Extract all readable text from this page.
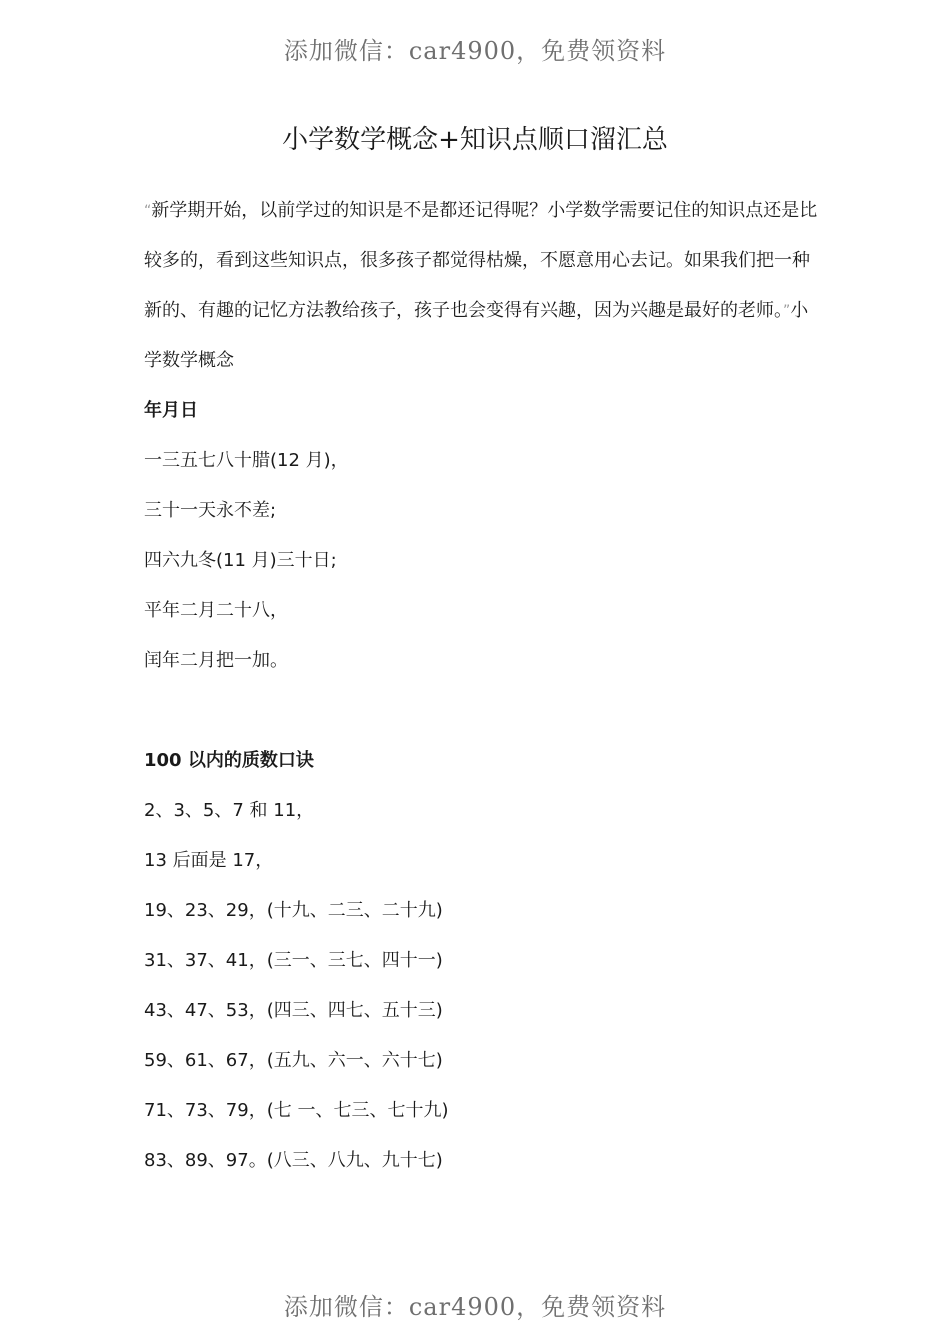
添加微信：car4900，免费领资料
小学数学概念+知识点顺口溜汇总

“新学期开始，以前学过的知识是不是都还记得呢？小学数学需要记住的知识点还是比较多的，看到这些知识点，很多孩子都觉得枯燥，不愿意用心去记。如果我们把一种新的、有趣的记忆方法教给孩子，孩子也会变得有兴趣，因为兴趣是最好的老师。”小学数学概念

年月日

一三五七八十腊(12 月)，

三十一天永不差;

四六九冬(11 月)三十日;

平年二月二十八，

闰年二月把一加。

100 以内的质数口诀

2、3、5、7 和 11，

13 后面是 17，

19、23、29，(十九、二三、二十九)

31、37、41，(三一、三七、四十一)

43、47、53，(四三、四七、五十三)

59、61、67，(五九、六一、六十七)

71、73、79，(七 一、七三、七十九)

83、89、97。(八三、八九、九十七)

添加微信：car4900，免费领资料
